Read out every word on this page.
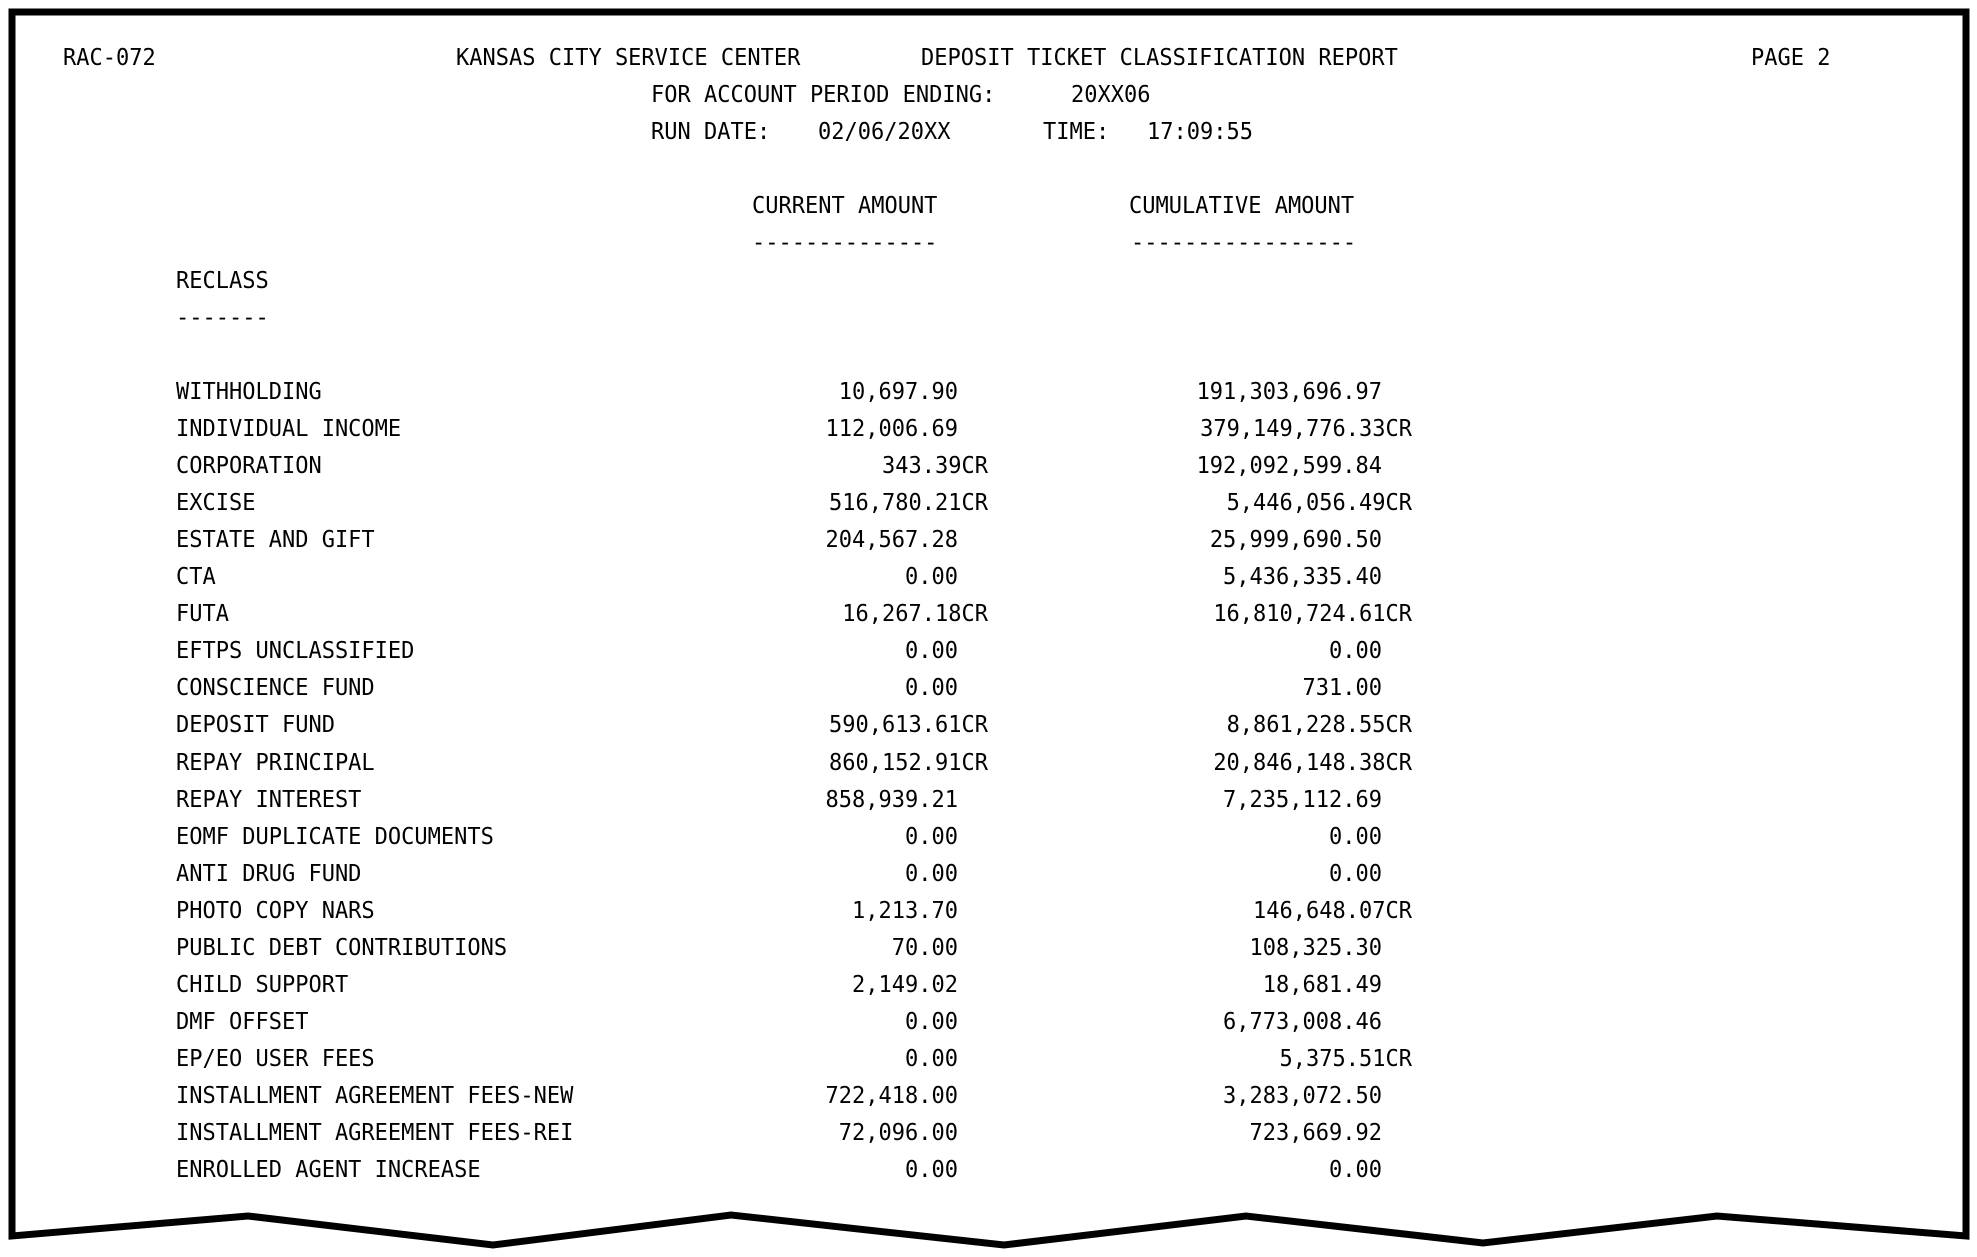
RAC-072	KANSAS CITY SERVICE CENTER	DEPOSIT TICKET CLASSIFICATION REPORT	PAGE 2
FOR ACCOUNT PERIOD ENDING:	20XX06
RUN DATE: 02/06/20XX	TIME: 17:09:55
CURRENT AMOUNT
--------------
CUMULATIVE AMOUNT
-----------------
RECLASS
-------
WITHHOLDING	10,697.90	191,303,696.97
INDIVIDUAL INCOME	112,006.69	379,149,776.33CR
CORPORATION	343.39CR	192,092,599.84
EXCISE	516,780.21CR	5,446,056.49CR
ESTATE AND GIFT	204,567.28	25,999,690.50
CTA	0.00	5,436,335.40
FUTA	16,267.18CR	16,810,724.61CR
EFTPS UNCLASSIFIED	0.00	0.00
CONSCIENCE FUND	0.00	731.00
DEPOSIT FUND	590,613.61CR	8,861,228.55CR
REPAY PRINCIPAL	860,152.91CR	20,846,148.38CR
REPAY INTEREST	858,939.21	7,235,112.69
EOMF DUPLICATE DOCUMENTS	0.00	0.00
ANTI DRUG FUND	0.00	0.00
PHOTO COPY NARS	1,213.70	146,648.07CR
PUBLIC DEBT CONTRIBUTIONS	70.00	108,325.30
CHILD SUPPORT	2,149.02	18,681.49
DMF OFFSET	0.00	6,773,008.46
EP/EO USER FEES	0.00	5,375.51CR
INSTALLMENT AGREEMENT FEES-NEW	722,418.00	3,283,072.50
INSTALLMENT AGREEMENT FEES-REI	72,096.00	723,669.92
ENROLLED AGENT INCREASE	0.00	0.00
